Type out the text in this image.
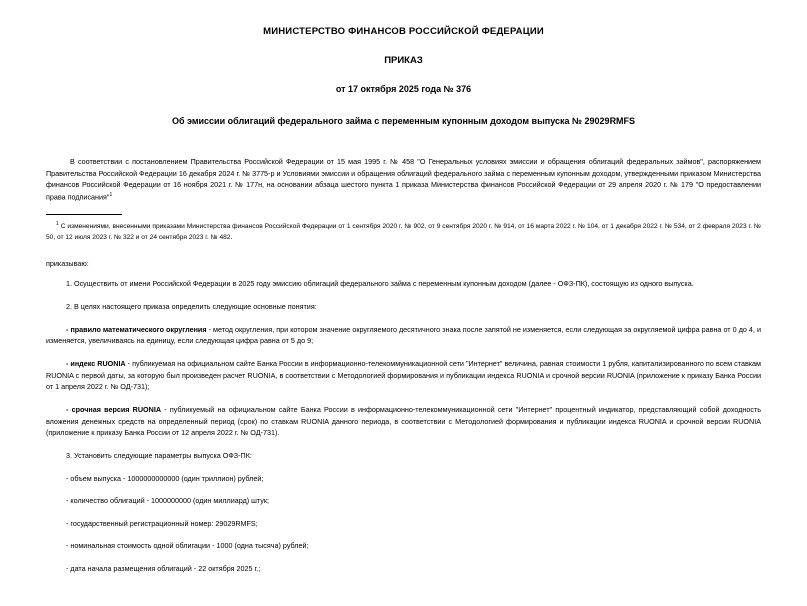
МИНИСТЕРСТВО ФИНАНСОВ РОССИЙСКОЙ ФЕДЕРАЦИИ
ПРИКАЗ
от 17 октября 2025 года № 376
Об эмиссии облигаций федерального займа с переменным купонным доходом выпуска № 29029RMFS
В соответствии с постановлением Правительства Российской Федерации от 15 мая 1995 г. № 458 "О Генеральных условиях эмиссии и обращения облигаций федеральных займов", распоряжением Правительства Российской Федерации 16 декабря 2024 г. № 3775-р и Условиями эмиссии и обращения облигаций федерального займа с переменным купонным доходом, утвержденными приказом Министерства финансов Российской Федерации от 16 ноября 2021 г. № 177н, на основании абзаца шестого пункта 1 приказа Министерства финансов Российской Федерации от 29 апреля 2020 г. № 179 "О предоставлении права подписания"$^1$
$^1$ С изменениями, внесенными приказами Министерства финансов Российской Федерации от 1 сентября 2020 г. № 902, от 9 сентября 2020 г. № 914, от 16 марта 2022 г. № 104, от 1 декабря 2022 г. № 534, от 2 февраля 2023 г. № 50, от 12 июля 2023 г. № 322 и от 24 сентября 2023 г. № 482.
приказываю:
1. Осуществить от имени Российской Федерации в 2025 году эмиссию облигаций федерального займа с переменным купонным доходом (далее - ОФЗ-ПК), состоящую из одного выпуска.
2. В целях настоящего приказа определить следующие основные понятия:
- правило математического округления - метод округления, при котором значение округляемого десятичного знака после запятой не изменяется, если следующая за округляемой цифра равна от 0 до 4, и изменяется, увеличиваясь на единицу, если следующая цифра равна от 5 до 9;
- индекс RUONIA - публикуемая на официальном сайте Банка России в информационно-телекоммуникационной сети "Интернет" величина, равная стоимости 1 рубля, капитализированного по всем ставкам RUONIA с первой даты, за которую был произведен расчет RUONIA, в соответствии с Методологией формирования и публикации индекса RUONIA и срочной версии RUONIA (приложение к приказу Банка России от 1 апреля 2022 г. № ОД-731);
- срочная версия RUONIA - публикуемый на официальном сайте Банка России в информационно-телекоммуникационной сети "Интернет" процентный индикатор, представляющий собой доходность вложения денежных средств на определенный период (срок) по ставкам RUONIA данного периода, в соответствии с Методологией формирования и публикации индекса RUONIA и срочной версии RUONIA (приложение к приказу Банка России от 12 апреля 2022 г. № ОД-731).
3. Установить следующие параметры выпуска ОФЗ-ПК:
- объем выпуска - 1000000000000 (один триллион) рублей;
- количество облигаций - 1000000000 (один миллиард) штук;
- государственный регистрационный номер: 29029RMFS;
- номинальная стоимость одной облигации - 1000 (одна тысяча) рублей;
- дата начала размещения облигаций - 22 октября 2025 г.;
